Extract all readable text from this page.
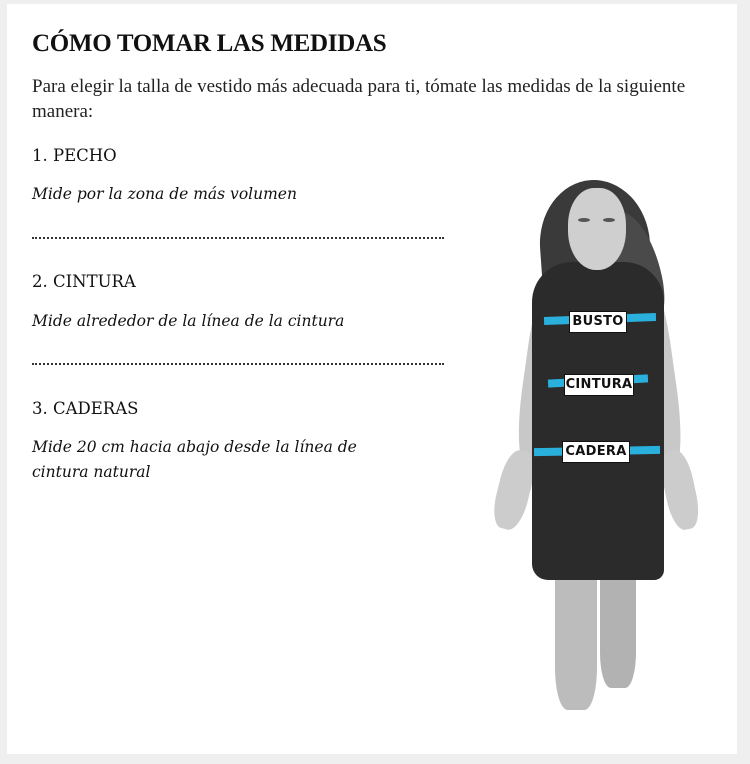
CÓMO TOMAR LAS MEDIDAS

Para elegir la talla de vestido más adecuada para ti, tómate las medidas de la siguiente manera:

1. PECHO

Mide por la zona de más volumen

2. CINTURA

Mide alrededor de la línea de la cintura

3. CADERAS

Mide 20 cm hacia abajo desde la línea de cintura natural

BUSTO
CINTURA
CADERA
